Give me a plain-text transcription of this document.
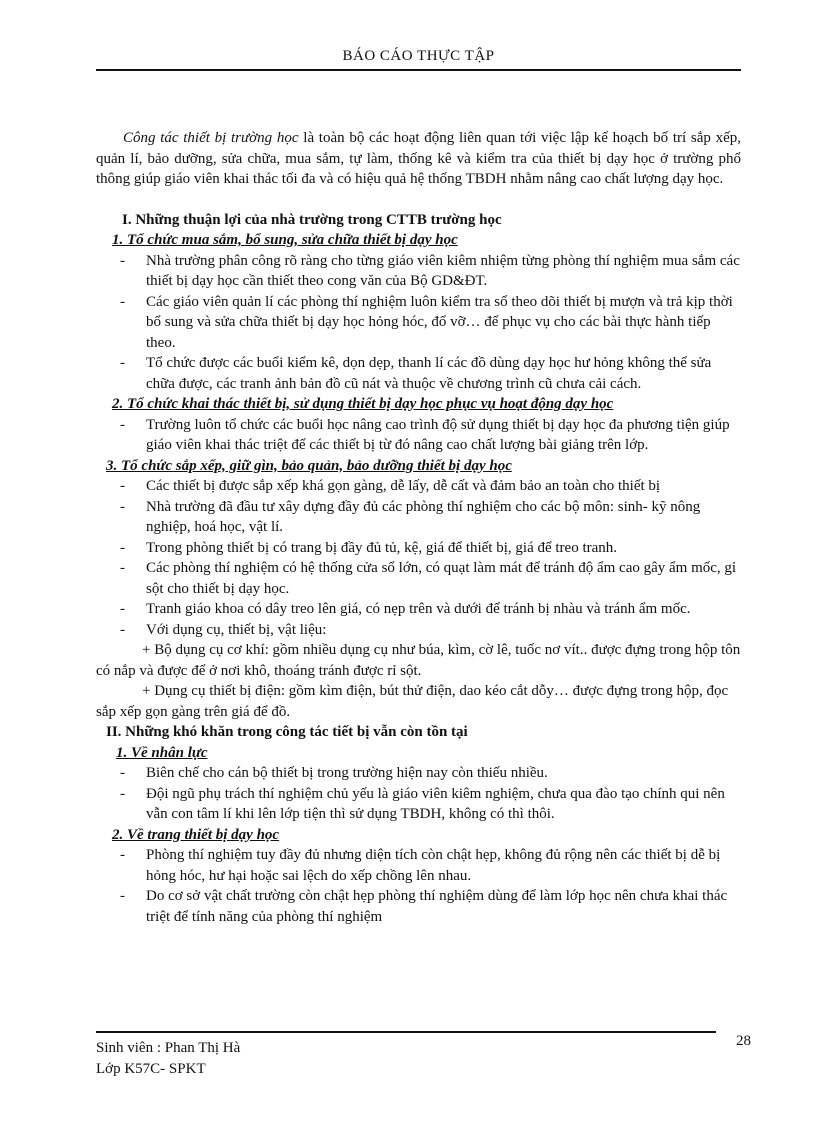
BÁO CÁO THỰC TẬP

Công tác thiết bị trường học là toàn bộ các hoạt động liên quan tới việc lập kế hoạch bố trí sắp xếp, quản lí, bảo dưỡng, sửa chữa, mua sắm, tự làm, thống kê và kiểm tra của thiết bị dạy học ở trường phổ thông giúp giáo viên khai thác tối đa và có hiệu quả hệ thống TBDH nhằm nâng cao chất lượng dạy học.

I. Những thuận lợi của nhà trường trong CTTB trường học
1. Tổ chức mua sắm, bổ sung, sửa chữa thiết bị dạy học
- Nhà trường phân công rõ ràng cho từng giáo viên kiêm nhiệm từng phòng thí nghiệm mua sắm các thiết bị dạy học cần thiết theo cong văn của Bộ GD&ĐT.
- Các giáo viên quản lí các phòng thí nghiệm luôn kiểm tra sổ theo dõi thiết bị mượn và trả kịp thời bổ sung và sửa chữa thiết bị dạy học hỏng hóc, đổ vỡ… để phục vụ cho các bài thực hành tiếp theo.
- Tổ chức được các buổi kiểm kê, dọn dẹp, thanh lí các đồ dùng dạy học hư hỏng không thể sửa chữa được, các tranh ảnh bản đồ cũ nát và thuộc về chương trình cũ chưa cải cách.
2. Tổ chức khai thác thiết bị, sử dụng thiết bị dạy học phục vụ hoạt động dạy học
- Trường luôn tổ chức các buổi học nâng cao trình độ sử dụng thiết bị dạy học đa phương tiện giúp giáo viên khai thác triệt để các thiết bị từ đó nâng cao chất lượng bài giảng trên lớp.
3. Tổ chức sắp xếp, giữ gìn, bảo quản, bảo dưỡng thiết bị dạy học
- Các thiết bị được sắp xếp khá gọn gàng, dễ lấy, dễ cất và đảm bảo an toàn cho thiết bị
- Nhà trường đã đầu tư xây dựng đầy đủ các phòng thí nghiệm cho các bộ môn: sinh- kỹ nông nghiệp, hoá học, vật lí.
- Trong phòng thiết bị có trang bị đầy đủ tủ, kệ, giá để thiết bị, giá để treo tranh.
- Các phòng thí nghiệm có hệ thống cửa sổ lớn, có quạt làm mát để tránh độ ẩm cao gây ẩm mốc, gỉ sột cho thiết bị dạy học.
- Tranh giáo khoa có dây treo lên giá, có nẹp trên và dưới để tránh bị nhàu và tránh ẩm mốc.
- Với dụng cụ, thiết bị, vật liệu:

+ Bộ dụng cụ cơ khí: gồm nhiều dụng cụ như búa, kìm, cờ lê, tuốc nơ vít.. được đựng trong hộp tôn có nắp và được để ở nơi khô, thoáng tránh được rỉ sột.

+ Dụng cụ thiết bị điện: gồm kìm điện, bút thử điện, dao kéo cắt dỗy… được đựng trong hộp, đọc sắp xếp gọn gàng trên giá để đồ.

II. Những khó khăn trong công tác tiết bị vẫn còn tồn tại
1. Về nhân lực
- Biên chế cho cán bộ thiết bị trong trường hiện nay còn thiếu nhiều.
- Đội ngũ phụ trách thí nghiệm chủ yếu là giáo viên kiêm nghiệm, chưa qua đào tạo chính qui nên vẫn con tâm lí khi lên lớp tiện thì sử dụng TBDH, không có thì thôi.
2. Về trang thiết bị dạy học
- Phòng thí nghiệm tuy đầy đủ nhưng diện tích còn chật hẹp, không đủ rộng nên các thiết bị dễ bị hỏng hóc, hư hại hoặc sai lệch do xếp chồng lên nhau.
- Do cơ sở vật chất trường còn chật hẹp phòng thí nghiệm dùng để làm lớp học nên chưa khai thác triệt để tính năng của phòng thí nghiệm
28
Sinh viên : Phan Thị Hà
Lớp K57C- SPKT
